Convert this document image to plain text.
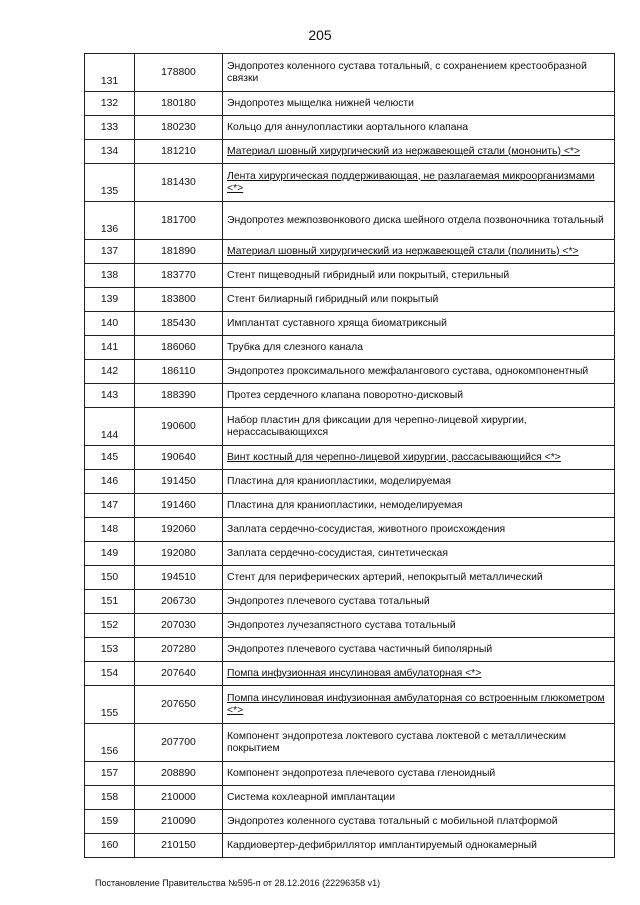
205
131	178800	Эндопротез коленного сустава тотальный, с сохранением крестообразной связки
132	180180	Эндопротез мыщелка нижней челюсти
133	180230	Кольцо для аннулопластики аортального клапана
134	181210	Материал шовный хирургический из нержавеющей стали (мононить) <*>
135	181430	Лента хирургическая поддерживающая, не разлагаемая микроорганизмами <*>
136	181700	Эндопротез межпозвонкового диска шейного отдела позвоночника тотальный
137	181890	Материал шовный хирургический из нержавеющей стали (полинить) <*>
138	183770	Стент пищеводный гибридный или покрытый, стерильный
139	183800	Стент билиарный гибридный или покрытый
140	185430	Имплантат суставного хряща биоматриксный
141	186060	Трубка для слезного канала
142	186110	Эндопротез проксимального межфалангового сустава, однокомпонентный
143	188390	Протез сердечного клапана поворотно-дисковый
144	190600	Набор пластин для фиксации для черепно-лицевой хирургии, нерассасывающихся
145	190640	Винт костный для черепно-лицевой хирургии, рассасывающийся <*>
146	191450	Пластина для краниопластики, моделируемая
147	191460	Пластина для краниопластики, немоделируемая
148	192060	Заплата сердечно-сосудистая, животного происхождения
149	192080	Заплата сердечно-сосудистая, синтетическая
150	194510	Стент для периферических артерий, непокрытый металлический
151	206730	Эндопротез плечевого сустава тотальный
152	207030	Эндопротез лучезапястного сустава тотальный
153	207280	Эндопротез плечевого сустава частичный биполярный
154	207640	Помпа инфузионная инсулиновая амбулаторная <*>
155	207650	Помпа инсулиновая инфузионная амбулаторная со встроенным глюкометром <*>
156	207700	Компонент эндопротеза локтевого сустава локтевой с металлическим покрытием
157	208890	Компонент эндопротеза плечевого сустава гленоидный
158	210000	Система кохлеарной имплантации
159	210090	Эндопротез коленного сустава тотальный с мобильной платформой
160	210150	Кардиовертер-дефибриллятор имплантируемый однокамерный
Постановление Правительства №595-п от 28.12.2016 (22296358 v1)
